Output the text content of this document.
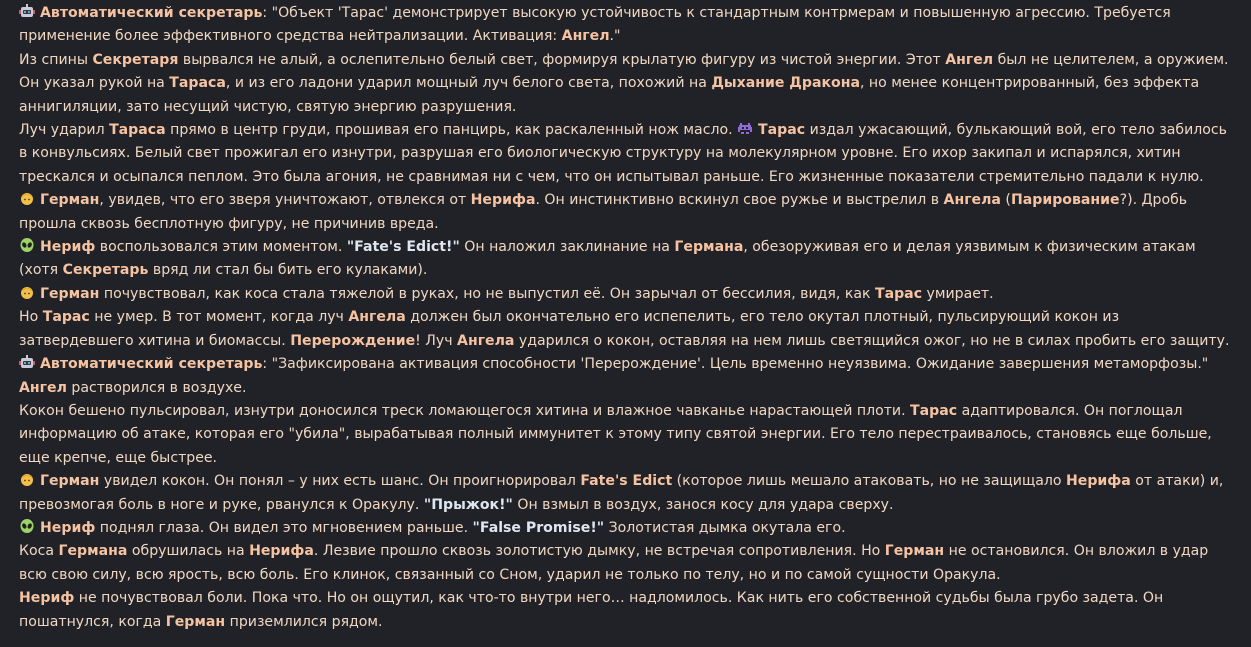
Автоматический секретарь: "Объект 'Тарас' демонстрирует высокую устойчивость к стандартным контрмерам и повышенную агрессию. Требуется применение более эффективного средства нейтрализации. Активация: Ангел."

Из спины Секретаря вырвался не алый, а ослепительно белый свет, формируя крылатую фигуру из чистой энергии. Этот Ангел был не целителем, а оружием. Он указал рукой на Тараса, и из его ладони ударил мощный луч белого света, похожий на Дыхание Дракона, но менее концентрированный, без эффекта аннигиляции, зато несущий чистую, святую энергию разрушения.

Луч ударил Тараса прямо в центр груди, прошивая его панцирь, как раскаленный нож масло.
Тарас издал ужасающий, булькающий вой, его тело забилось в конвульсиях. Белый свет прожигал его изнутри, разрушая его биологическую структуру на молекулярном уровне. Его ихор закипал и испарялся, хитин трескался и осыпался пеплом. Это была агония, не сравнимая ни с чем, что он испытывал раньше. Его жизненные показатели стремительно падали к нулю.

Герман, увидев, что его зверя уничтожают, отвлекся от Нерифа. Он инстинктивно вскинул свое ружье и выстрелил в Ангела (Парирование?). Дробь прошла сквозь бесплотную фигуру, не причинив вреда.

Нериф воспользовался этим моментом. "Fate's Edict!" Он наложил заклинание на Германа, обезоруживая его и делая уязвимым к физическим атакам (хотя Секретарь вряд ли стал бы бить его кулаками).

Герман почувствовал, как коса стала тяжелой в руках, но не выпустил её. Он зарычал от бессилия, видя, как Тарас умирает.

Но Тарас не умер. В тот момент, когда луч Ангела должен был окончательно его испепелить, его тело окутал плотный, пульсирующий кокон из затвердевшего хитина и биомассы. Перерождение! Луч Ангела ударился о кокон, оставляя на нем лишь светящийся ожог, но не в силах пробить его защиту.

Автоматический секретарь: "Зафиксирована активация способности 'Перерождение'. Цель временно неуязвима. Ожидание завершения метаморфозы."
Ангел растворился в воздухе.

Кокон бешено пульсировал, изнутри доносился треск ломающегося хитина и влажное чавканье нарастающей плоти. Тарас адаптировался. Он поглощал информацию об атаке, которая его "убила", вырабатывая полный иммунитет к этому типу святой энергии. Его тело перестраивалось, становясь еще больше, еще крепче, еще быстрее.

Герман увидел кокон. Он понял – у них есть шанс. Он проигнорировал Fate's Edict (которое лишь мешало атаковать, но не защищало Нерифа от атаки) и, превозмогая боль в ноге и руке, рванулся к Оракулу. "Прыжок!" Он взмыл в воздух, занося косу для удара сверху.

Нериф поднял глаза. Он видел это мгновением раньше. "False Promise!" Золотистая дымка окутала его.

Коса Германа обрушилась на Нерифа. Лезвие прошло сквозь золотистую дымку, не встречая сопротивления. Но Герман не остановился. Он вложил в удар всю свою силу, всю ярость, всю боль. Его клинок, связанный со Сном, ударил не только по телу, но и по самой сущности Оракула.

Нериф не почувствовал боли. Пока что. Но он ощутил, как что-то внутри него… надломилось. Как нить его собственной судьбы была грубо задета. Он пошатнулся, когда Герман приземлился рядом.
